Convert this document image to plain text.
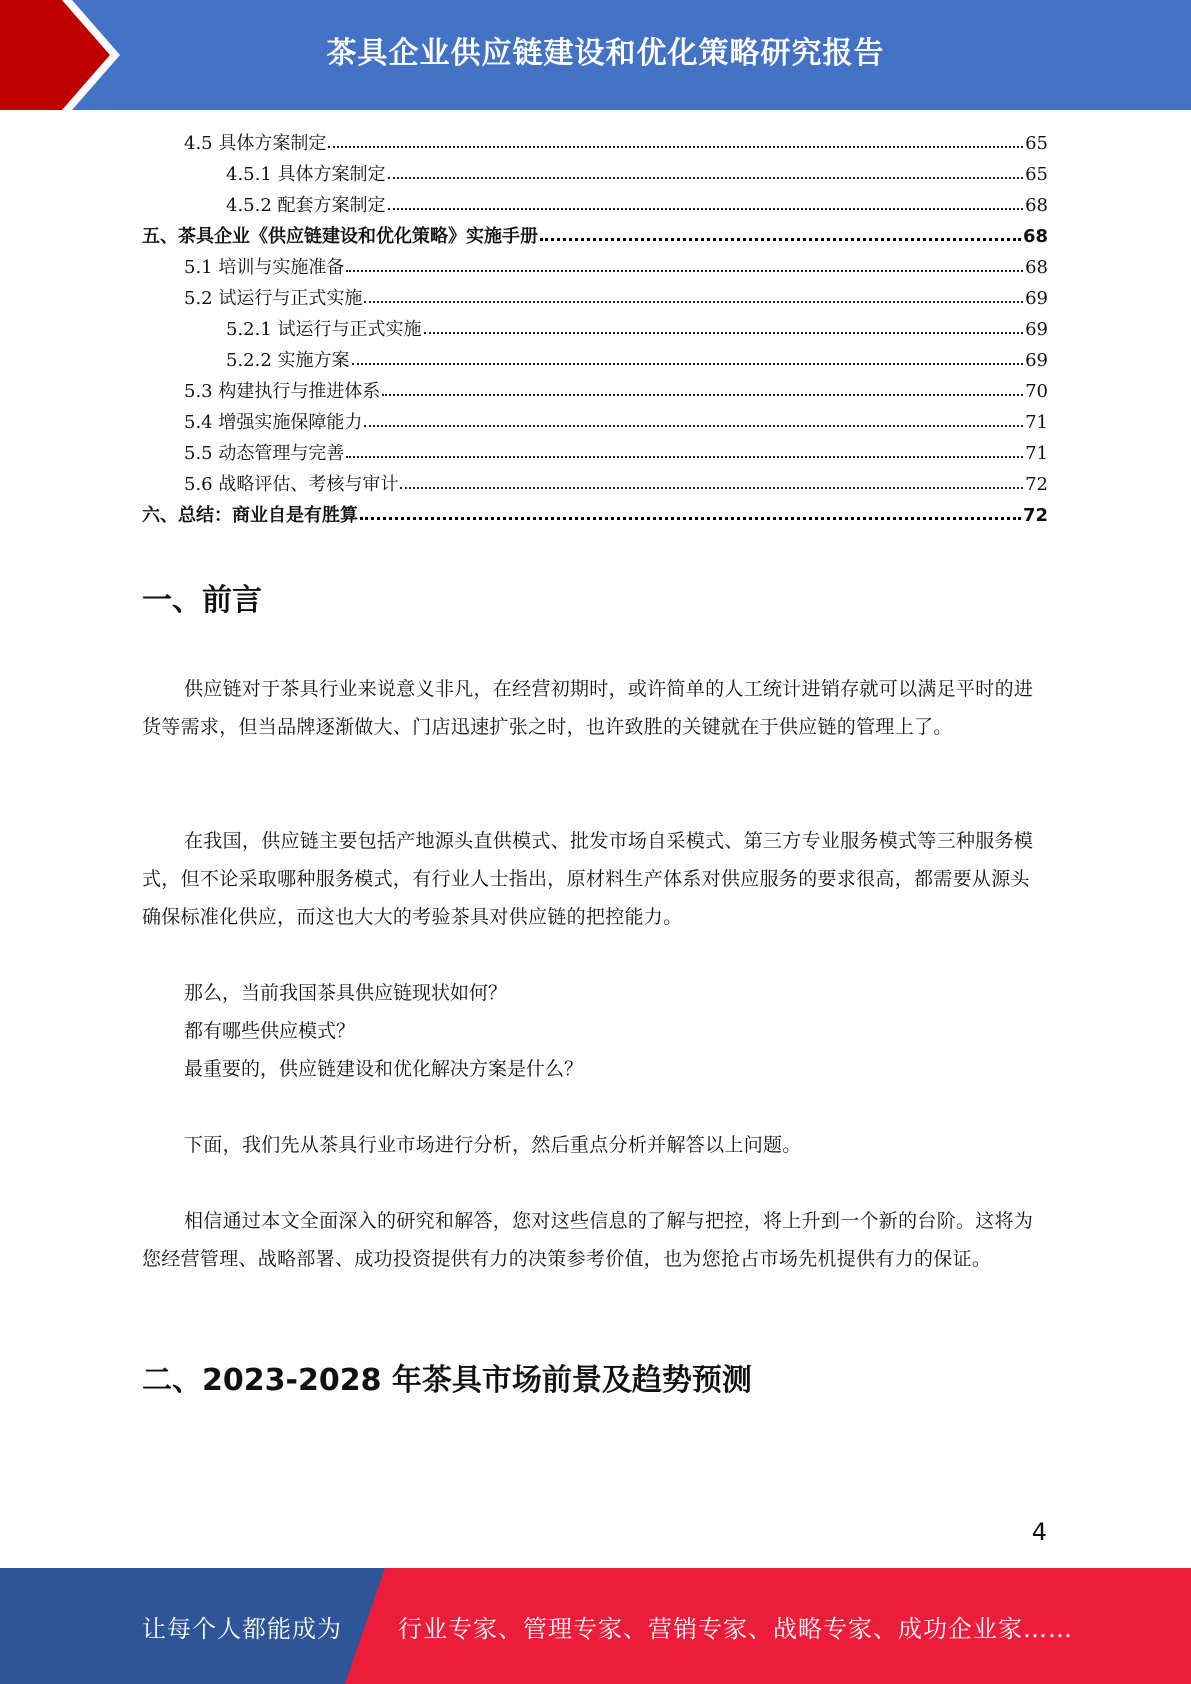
茶具企业供应链建设和优化策略研究报告
4.5 具体方案制定	65
4.5.1 具体方案制定	65
4.5.2 配套方案制定	68
五、茶具企业《供应链建设和优化策略》实施手册	68
5.1 培训与实施准备	68
5.2 试运行与正式实施	69
5.2.1 试运行与正式实施	69
5.2.2 实施方案	69
5.3 构建执行与推进体系	70
5.4 增强实施保障能力	71
5.5 动态管理与完善	71
5.6 战略评估、考核与审计	72
六、总结：商业自是有胜算	72
一、前言

供应链对于茶具行业来说意义非凡，在经营初期时，或许简单的人工统计进销存就可以满足平时的进货等需求，但当品牌逐渐做大、门店迅速扩张之时，也许致胜的关键就在于供应链的管理上了。

在我国，供应链主要包括产地源头直供模式、批发市场自采模式、第三方专业服务模式等三种服务模式，但不论采取哪种服务模式，有行业人士指出，原材料生产体系对供应服务的要求很高，都需要从源头确保标准化供应，而这也大大的考验茶具对供应链的把控能力。

那么，当前我国茶具供应链现状如何？

都有哪些供应模式？

最重要的，供应链建设和优化解决方案是什么？

下面，我们先从茶具行业市场进行分析，然后重点分析并解答以上问题。

相信通过本文全面深入的研究和解答，您对这些信息的了解与把控，将上升到一个新的台阶。这将为您经营管理、战略部署、成功投资提供有力的决策参考价值，也为您抢占市场先机提供有力的保证。

二、2023-2028 年茶具市场前景及趋势预测
4
让每个人都能成为 行业专家、管理专家、营销专家、战略专家、成功企业家……
